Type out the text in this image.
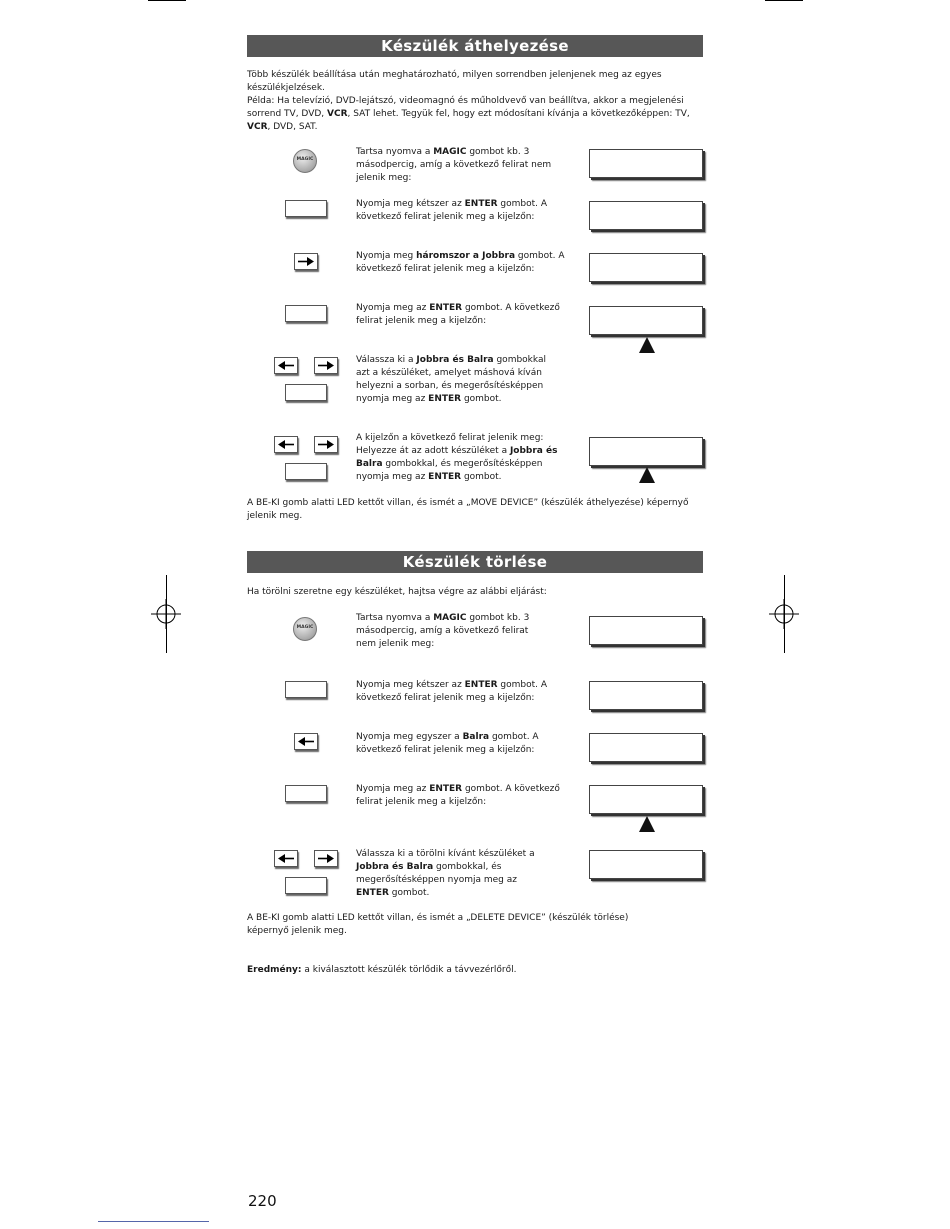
Készülék áthelyezése

Több készülék beállítása után meghatározható, milyen sorrendben jelenjenek meg az egyes készülékjelzések.
Példa: Ha televízió, DVD-lejátszó, videomagnó és műholdvevő van beállítva, akkor a megjelenési sorrend TV, DVD, VCR, SAT lehet. Tegyük fel, hogy ezt módosítani kívánja a következőképpen: TV, VCR, DVD, SAT.

MAGIC

Tartsa nyomva a MAGIC gombot kb. 3 másodpercig, amíg a következő felirat nem jelenik meg:

Nyomja meg kétszer az ENTER gombot. A következő felirat jelenik meg a kijelzőn:

Nyomja meg háromszor a Jobbra gombot. A következő felirat jelenik meg a kijelzőn:

Nyomja meg az ENTER gombot. A következő felirat jelenik meg a kijelzőn:

Válassza ki a Jobbra és Balra gombokkal azt a készüléket, amelyet máshová kíván helyezni a sorban, és megerősítésképpen nyomja meg az ENTER gombot.

A kijelzőn a következő felirat jelenik meg: Helyezze át az adott készüléket a Jobbra és Balra gombokkal, és megerősítésképpen nyomja meg az ENTER gombot.

A BE-KI gomb alatti LED kettőt villan, és ismét a „MOVE DEVICE” (készülék áthelyezése) képernyő jelenik meg.

Készülék törlése

Ha törölni szeretne egy készüléket, hajtsa végre az alábbi eljárást:

MAGIC

Tartsa nyomva a MAGIC gombot kb. 3 másodpercig, amíg a következő felirat nem jelenik meg:

Nyomja meg kétszer az ENTER gombot. A következő felirat jelenik meg a kijelzőn:

Nyomja meg egyszer a Balra gombot. A következő felirat jelenik meg a kijelzőn:

Nyomja meg az ENTER gombot. A következő felirat jelenik meg a kijelzőn:

Válassza ki a törölni kívánt készüléket a Jobbra és Balra gombokkal, és megerősítésképpen nyomja meg az ENTER gombot.

A BE-KI gomb alatti LED kettőt villan, és ismét a „DELETE DEVICE” (készülék törlése) képernyő jelenik meg.

Eredmény: a kiválasztott készülék törlődik a távvezérlőről.

220
